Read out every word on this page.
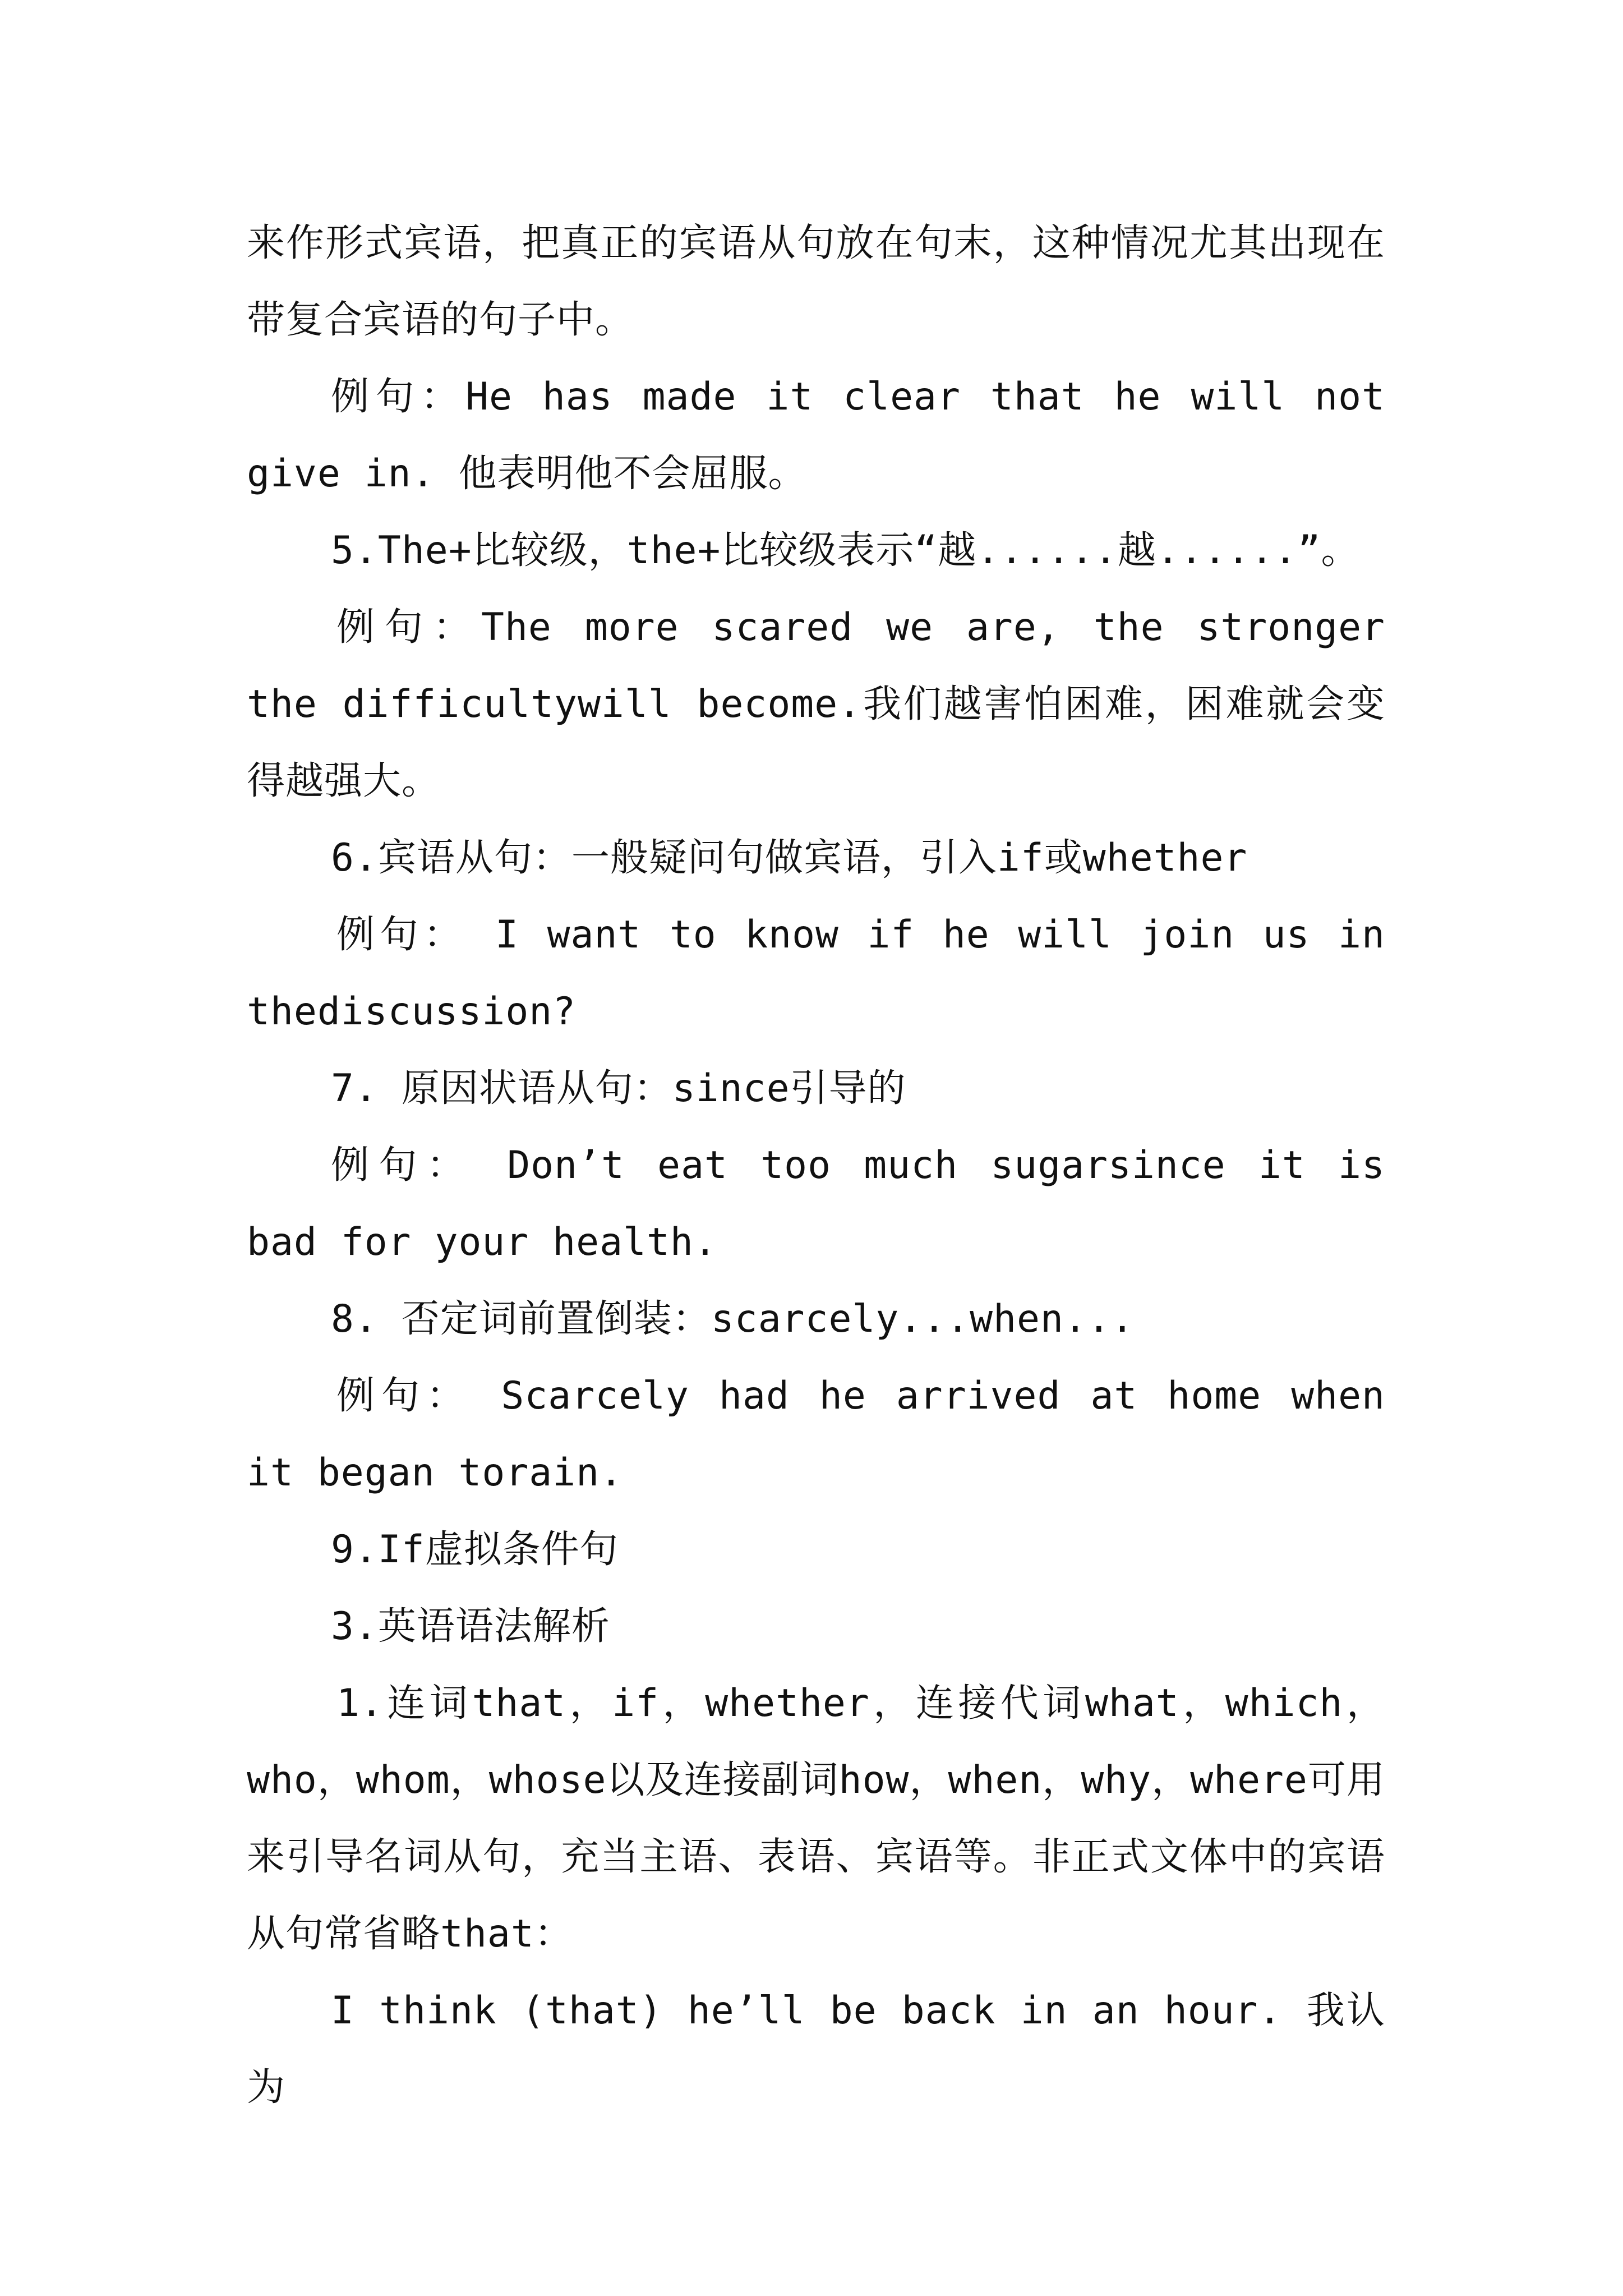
来作形式宾语，把真正的宾语从句放在句末，这种情况尤其出现在带复合宾语的句子中。

例句：He has made it clear that he will not give in. 他表明他不会屈服。

5.The+比较级，the+比较级表示“越......越......”。

例句：The more scared we are, the stronger the difficultywill become.我们越害怕困难，困难就会变得越强大。

6.宾语从句：一般疑问句做宾语，引入if或whether

例句： I want to know if he will join us in thediscussion?

7. 原因状语从句：since引导的

例句： Don’t eat too much sugarsince it is bad for your health.

8. 否定词前置倒装：scarcely...when...

例句： Scarcely had he arrived at home when it began torain.

9.If虚拟条件句

3.英语语法解析

1.连词that，if，whether，连接代词what，which，who，whom，whose以及连接副词how，when，why，where可用来引导名词从句，充当主语、表语、宾语等。非正式文体中的宾语从句常省略that：

I think (that) he’ll be back in an hour. 我认为
